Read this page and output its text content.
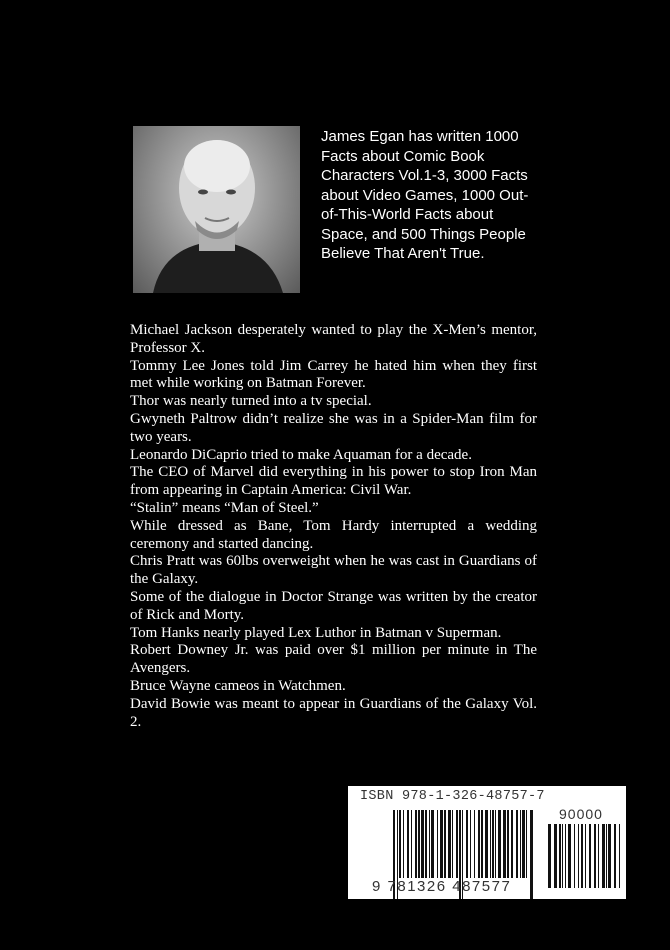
James Egan has written 1000 Facts about Comic Book Characters Vol.1-3, 3000 Facts about Video Games, 1000 Out-of-This-World Facts about Space, and 500 Things People Believe That Aren't True.

Michael Jackson desperately wanted to play the X-Men’s mentor, Professor X.

Tommy Lee Jones told Jim Carrey he hated him when they first met while working on Batman Forever.

Thor was nearly turned into a tv special.

Gwyneth Paltrow didn’t realize she was in a Spider-Man film for two years.

Leonardo DiCaprio tried to make Aquaman for a decade.

The CEO of Marvel did everything in his power to stop Iron Man from appearing in Captain America: Civil War.

“Stalin” means “Man of Steel.”

While dressed as Bane, Tom Hardy interrupted a wedding ceremony and started dancing.

Chris Pratt was 60lbs overweight when he was cast in Guardians of the Galaxy.

Some of the dialogue in Doctor Strange was written by the creator of Rick and Morty.

Tom Hanks nearly played Lex Luthor in Batman v Superman.

Robert Downey Jr. was paid over $1 million per minute in The Avengers.

Bruce Wayne cameos in Watchmen.

David Bowie was meant to appear in Guardians of the Galaxy Vol. 2.

ISBN 978-1-326-48757-7
90000
9 781326 487577
